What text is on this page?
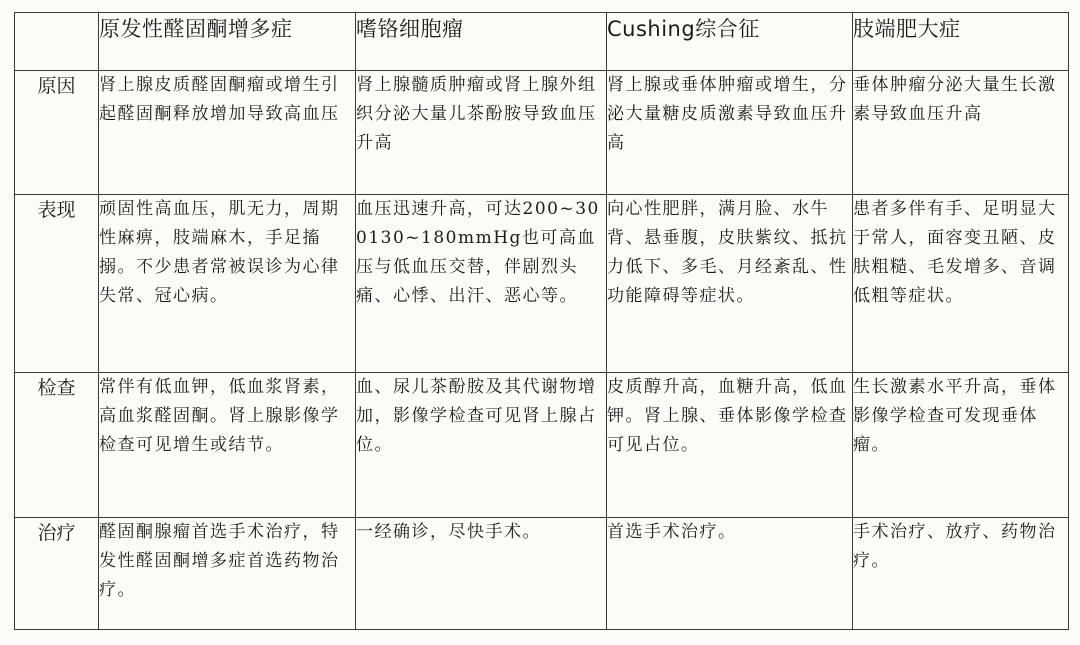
	原发性醛固酮增多症	嗜铬细胞瘤	Cushing综合征	肢端肥大症
原因	肾上腺皮质醛固酮瘤或增生引起醛固酮释放增加导致高血压	肾上腺髓质肿瘤或肾上腺外组织分泌大量儿茶酚胺导致血压升高	肾上腺或垂体肿瘤或增生，分泌大量糖皮质激素导致血压升高	垂体肿瘤分泌大量生长激素导致血压升高
表现	顽固性高血压，肌无力，周期性麻痹，肢端麻木，手足搐搦。不少患者常被误诊为心律失常、冠心病。	血压迅速升高，可达200~300130~180mmHg也可高血压与低血压交替，伴剧烈头痛、心悸、出汗、恶心等。	向心性肥胖，满月脸、水牛背、悬垂腹，皮肤紫纹、抵抗力低下、多毛、月经紊乱、性功能障碍等症状。	患者多伴有手、足明显大于常人，面容变丑陋、皮肤粗糙、毛发增多、音调低粗等症状。
检查	常伴有低血钾，低血浆肾素，高血浆醛固酮。肾上腺影像学检查可见增生或结节。	血、尿儿茶酚胺及其代谢物增加，影像学检查可见肾上腺占位。	皮质醇升高，血糖升高，低血钾。肾上腺、垂体影像学检查可见占位。	生长激素水平升高，垂体影像学检查可发现垂体瘤。
治疗	醛固酮腺瘤首选手术治疗，特发性醛固酮增多症首选药物治疗。	一经确诊，尽快手术。	首选手术治疗。	手术治疗、放疗、药物治疗。
